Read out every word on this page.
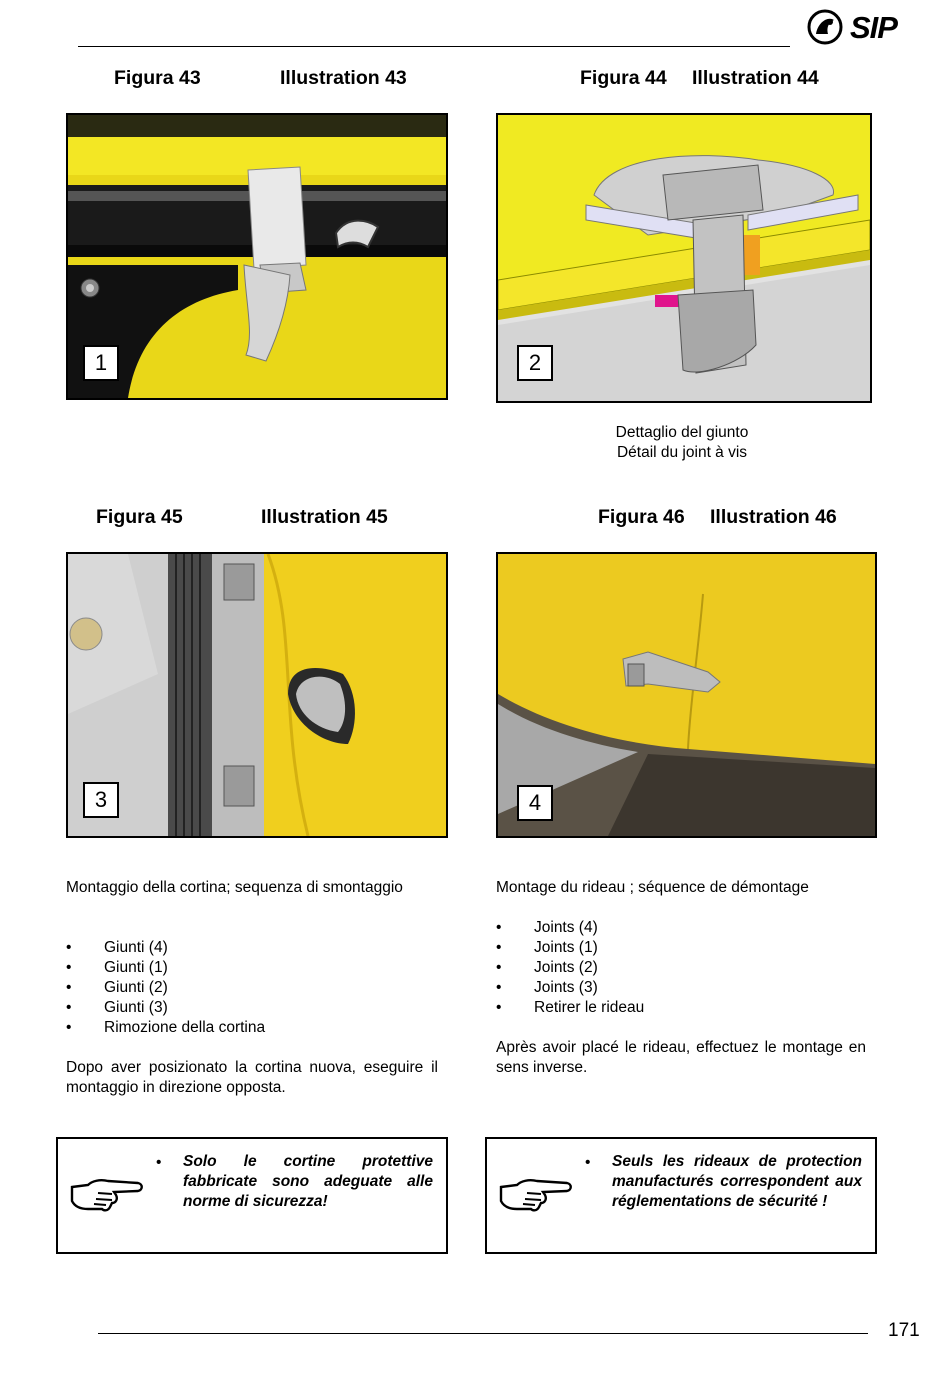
SIP
Figura 43	Illustration 43	Figura 44 Illustration 44
1	2
Dettaglio del giunto
Détail du joint à vis
Figura 45	Illustration 45	Figura 46 Illustration 46
3	4
Montaggio della cortina; sequenza di smontaggio
• Giunti (4)
• Giunti (1)
• Giunti (2)
• Giunti (3)
• Rimozione della cortina
Dopo aver posizionato la cortina nuova, eseguire il montaggio in direzione opposta.
Montage du rideau ; séquence de démontage
• Joints (4)
• Joints (1)
• Joints (2)
• Joints (3)
• Retirer le rideau
Après avoir placé le rideau, effectuez le montage en sens inverse.
• Solo le cortine protettive fabbricate sono adeguate alle norme di sicurezza!
• Seuls les rideaux de protection manufacturés correspondent aux réglementations de sécurité !
171
